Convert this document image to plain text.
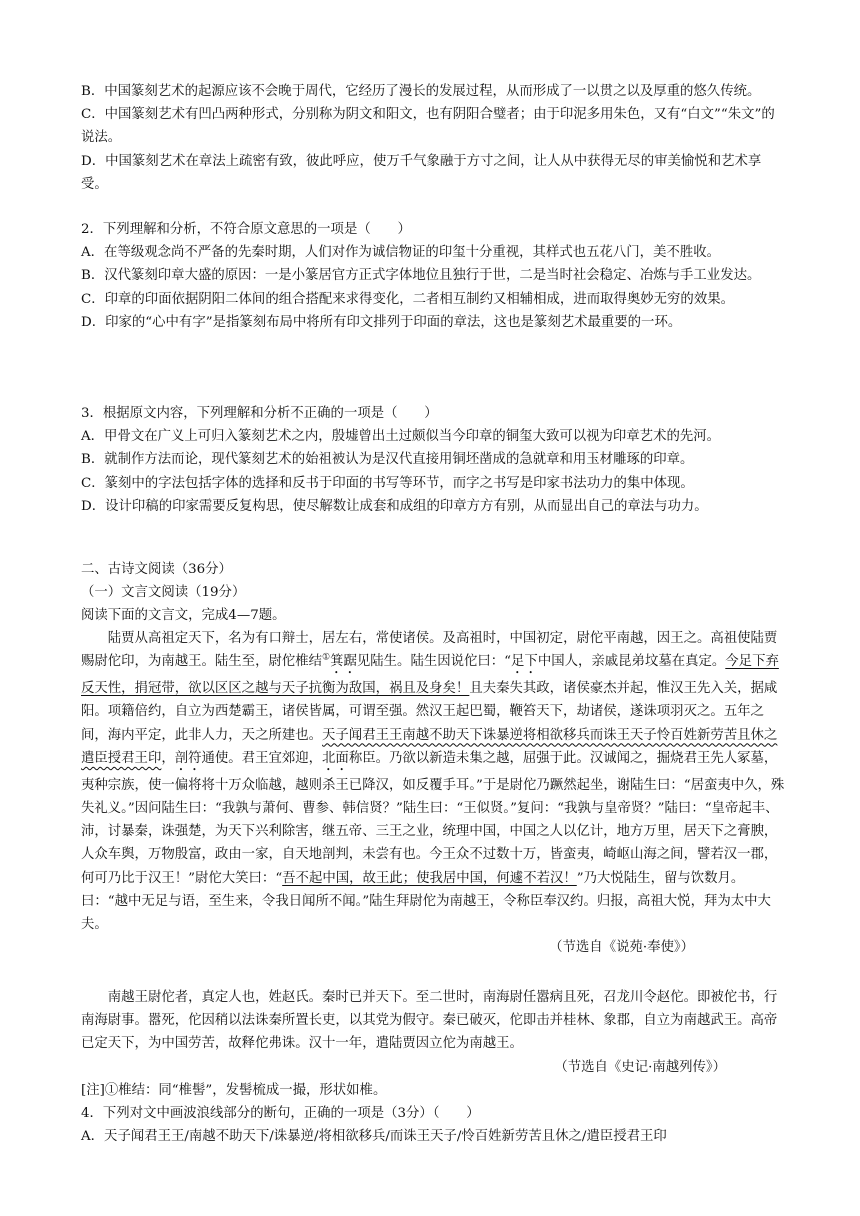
B．中国篆刻艺术的起源应该不会晚于周代，它经历了漫长的发展过程，从而形成了一以贯之以及厚重的悠久传统。

C．中国篆刻艺术有凹凸两种形式，分别称为阴文和阳文，也有阴阳合璧者；由于印泥多用朱色，又有“白文”“朱文”的说法。

D．中国篆刻艺术在章法上疏密有致，彼此呼应，使万千气象融于方寸之间，让人从中获得无尽的审美愉悦和艺术享受。

2．下列理解和分析，不符合原文意思的一项是（　　）

A．在等级观念尚不严备的先秦时期，人们对作为诚信物证的印玺十分重视，其样式也五花八门，美不胜收。

B．汉代篆刻印章大盛的原因：一是小篆居官方正式字体地位且独行于世，二是当时社会稳定、冶炼与手工业发达。

C．印章的印面依据阴阳二体间的组合搭配来求得变化，二者相互制约又相辅相成，进而取得奥妙无穷的效果。

D．印家的“心中有字”是指篆刻布局中将所有印文排列于印面的章法，这也是篆刻艺术最重要的一环。

3．根据原文内容，下列理解和分析不正确的一项是（　　）

A．甲骨文在广义上可归入篆刻艺术之内，殷墟曾出土过颇似当今印章的铜玺大致可以视为印章艺术的先河。

B．就制作方法而论，现代篆刻艺术的始祖被认为是汉代直接用铜坯凿成的急就章和用玉材雕琢的印章。

C．篆刻中的字法包括字体的选择和反书于印面的书写等环节，而字之书写是印家书法功力的集中体现。

D．设计印稿的印家需要反复构思，使尽解数让成套和成组的印章方方有别，从而显出自己的章法与功力。

二、古诗文阅读（36分）

（一）文言文阅读（19分）

阅读下面的文言文，完成4—7题。

陆贾从高祖定天下，名为有口辩士，居左右，常使诸侯。及高祖时，中国初定，尉佗平南越，因王之。高祖使陆贾赐尉佗印，为南越王。陆生至，尉佗椎结①箕踞见陆生。陆生因说佗曰：“足下中国人，亲戚昆弟坟墓在真定。今足下弃反天性，捐冠带，欲以区区之越与天子抗衡为敌国，祸且及身矣！且夫秦失其政，诸侯豪杰并起，惟汉王先入关，据咸阳。项籍倍约，自立为西楚霸王，诸侯皆属，可谓至强。然汉王起巴蜀，鞭笞天下，劫诸侯，遂诛项羽灭之。五年之间，海内平定，此非人力，天之所建也。天子闻君王王南越不助天下诛暴逆将相欲移兵而诛王天子怜百姓新劳苦且休之遣臣授君王印，剖符通使。君王宜郊迎，北面称臣。乃欲以新造未集之越，屈强于此。汉诚闻之，掘烧君王先人冢墓，夷种宗族，使一偏将将十万众临越，越则杀王已降汉，如反覆手耳。”于是尉佗乃蹶然起坐，谢陆生曰：“居蛮夷中久，殊失礼义。”因问陆生曰：“我孰与萧何、曹参、韩信贤？”陆生曰：“王似贤。”复问：“我孰与皇帝贤？”陆曰：“皇帝起丰、沛，讨暴秦，诛强楚，为天下兴利除害，继五帝、三王之业，统理中国，中国之人以亿计，地方万里，居天下之膏腴，人众车舆，万物殷富，政由一家，自天地剖判，未尝有也。今王众不过数十万，皆蛮夷，崎岖山海之间，譬若汉一郡，何可乃比于汉王！”尉佗大笑曰：“吾不起中国，故王此；使我居中国，何遽不若汉！”乃大悦陆生，留与饮数月。曰：“越中无足与语，至生来，令我日闻所不闻。”陆生拜尉佗为南越王，令称臣奉汉约。归报，高祖大悦，拜为太中大夫。

（节选自《说苑·奉使》）

南越王尉佗者，真定人也，姓赵氏。秦时已并天下。至二世时，南海尉任嚣病且死，召龙川令赵佗。即被佗书，行南海尉事。嚣死，佗因稍以法诛秦所置长吏，以其党为假守。秦已破灭，佗即击并桂林、象郡，自立为南越武王。高帝已定天下，为中国劳苦，故释佗弗诛。汉十一年，遣陆贾因立佗为南越王。

（节选自《史记·南越列传》）

[注]①椎结：同“椎髻”，发髻梳成一撮，形状如椎。

4．下列对文中画波浪线部分的断句，正确的一项是（3分）（　　）

A．天子闻君王王/南越不助天下/诛暴逆/将相欲移兵/而诛王天子/怜百姓新劳苦且休之/遣臣授君王印
